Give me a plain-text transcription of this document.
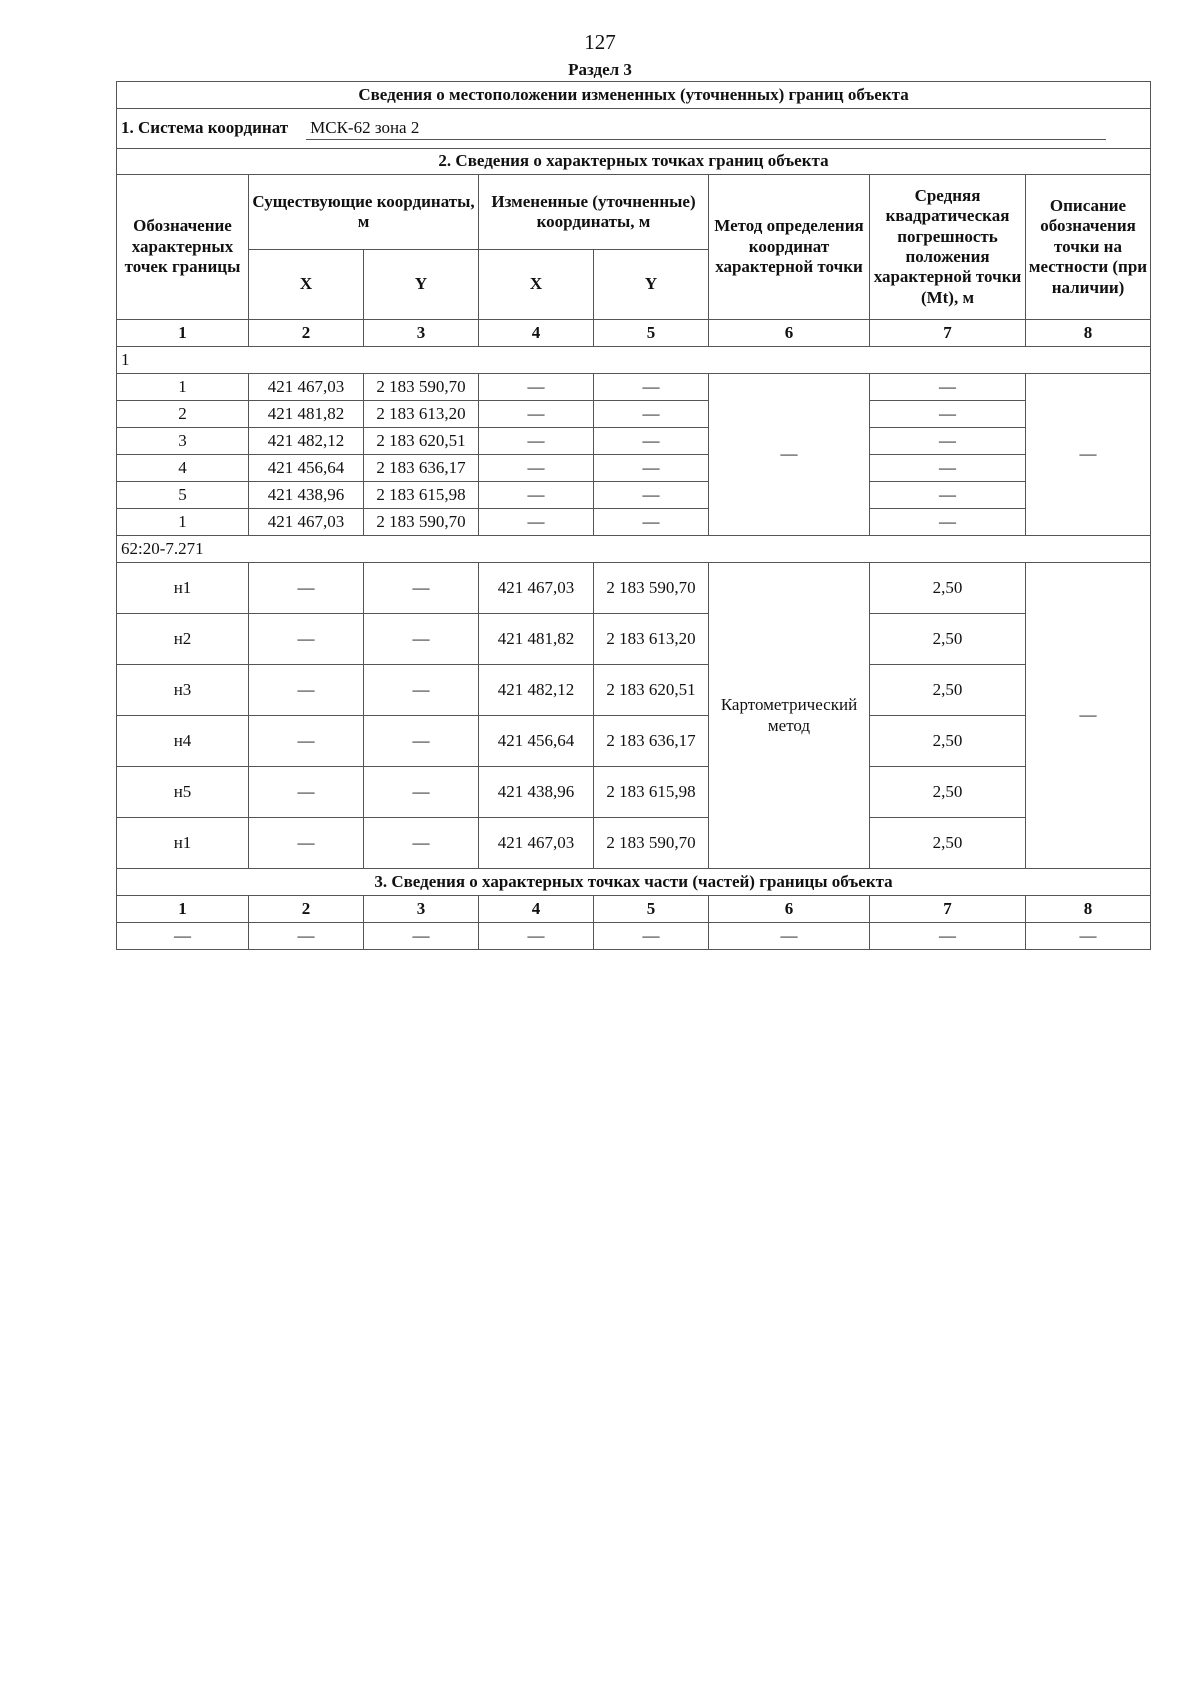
127
Раздел 3
Сведения о местоположении измененных (уточненных) границ объекта							
1. Система координат МСК-62 зона 2							
2. Сведения о характерных точках границ объекта							
Обозначение характерных точек границы	Существующие координаты, м		Измененные (уточненные) координаты, м		Метод определения координат характерной точки	Средняя квадратическая погрешность положения характерной точки (Mt), м	Описание обозначения точки на местности (при наличии)
	X	Y	X	Y			
1	2	3	4	5	6	7	8
1							
1	421 467,03	2 183 590,70	—	—	—	—	—
2	421 481,82	2 183 613,20	—	—		—	
3	421 482,12	2 183 620,51	—	—		—	
4	421 456,64	2 183 636,17	—	—		—	
5	421 438,96	2 183 615,98	—	—		—	
1	421 467,03	2 183 590,70	—	—		—	
62:20-7.271							
н1	—	—	421 467,03	2 183 590,70	Картометрический метод	2,50	—
н2	—	—	421 481,82	2 183 613,20		2,50	
н3	—	—	421 482,12	2 183 620,51		2,50	
н4	—	—	421 456,64	2 183 636,17		2,50	
н5	—	—	421 438,96	2 183 615,98		2,50	
н1	—	—	421 467,03	2 183 590,70		2,50	
3. Сведения о характерных точках части (частей) границы объекта							
1	2	3	4	5	6	7	8
—	—	—	—	—	—	—	—
